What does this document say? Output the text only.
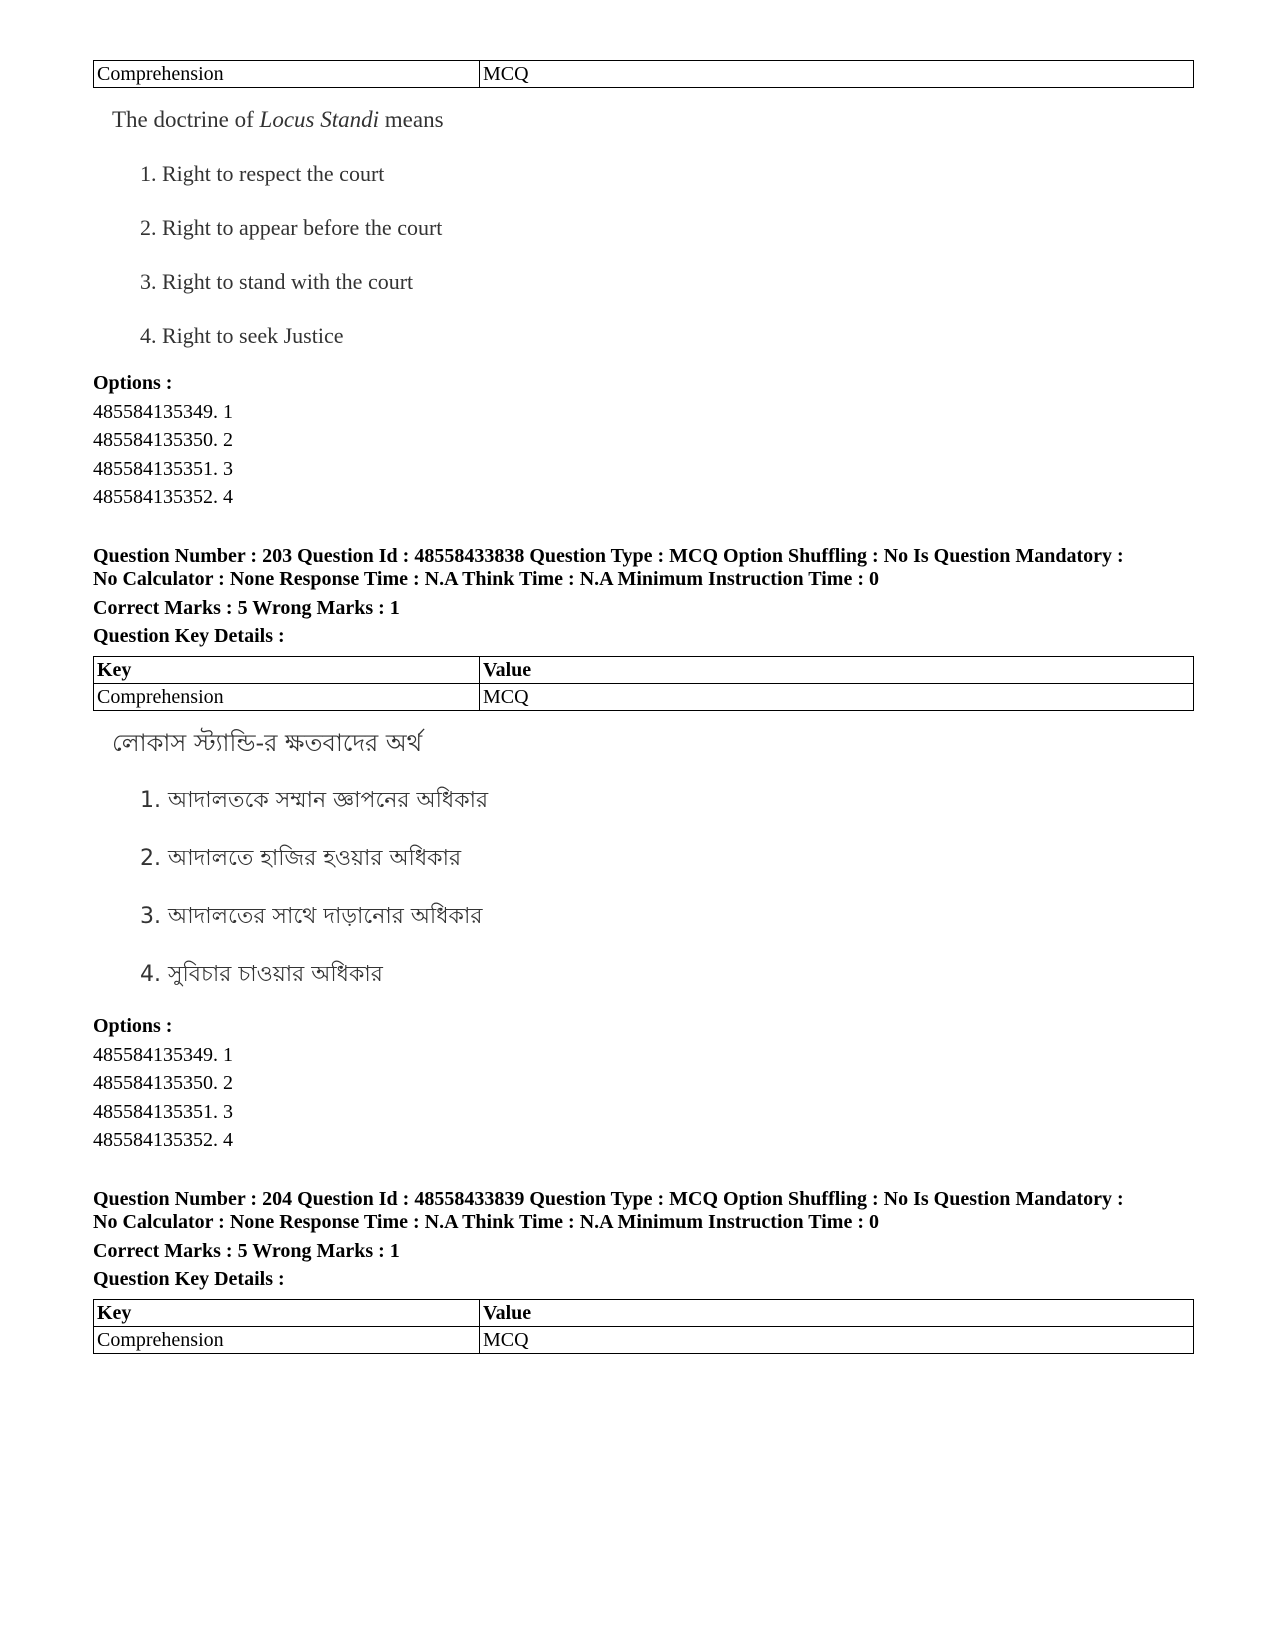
Comprehension	MCQ
The doctrine of Locus Standi means
1. Right to respect the court
2. Right to appear before the court
3. Right to stand with the court
4. Right to seek Justice
Options :
485584135349. 1
485584135350. 2
485584135351. 3
485584135352. 4
Question Number : 203 Question Id : 48558433838 Question Type : MCQ Option Shuffling : No Is Question Mandatory :
No Calculator : None Response Time : N.A Think Time : N.A Minimum Instruction Time : 0
Correct Marks : 5 Wrong Marks : 1
Question Key Details :
Key	Value
Comprehension	MCQ
লোকাস স্ট্যান্ডি-র ক্ষতবাদের অর্থ
1. আদালতকে সম্মান জ্ঞাপনের অধিকার
2. আদালতে হাজির হওয়ার অধিকার
3. আদালতের সাথে দাড়ানোর অধিকার
4. সুবিচার চাওয়ার অধিকার
Options :
485584135349. 1
485584135350. 2
485584135351. 3
485584135352. 4
Question Number : 204 Question Id : 48558433839 Question Type : MCQ Option Shuffling : No Is Question Mandatory :
No Calculator : None Response Time : N.A Think Time : N.A Minimum Instruction Time : 0
Correct Marks : 5 Wrong Marks : 1
Question Key Details :
Key	Value
Comprehension	MCQ
